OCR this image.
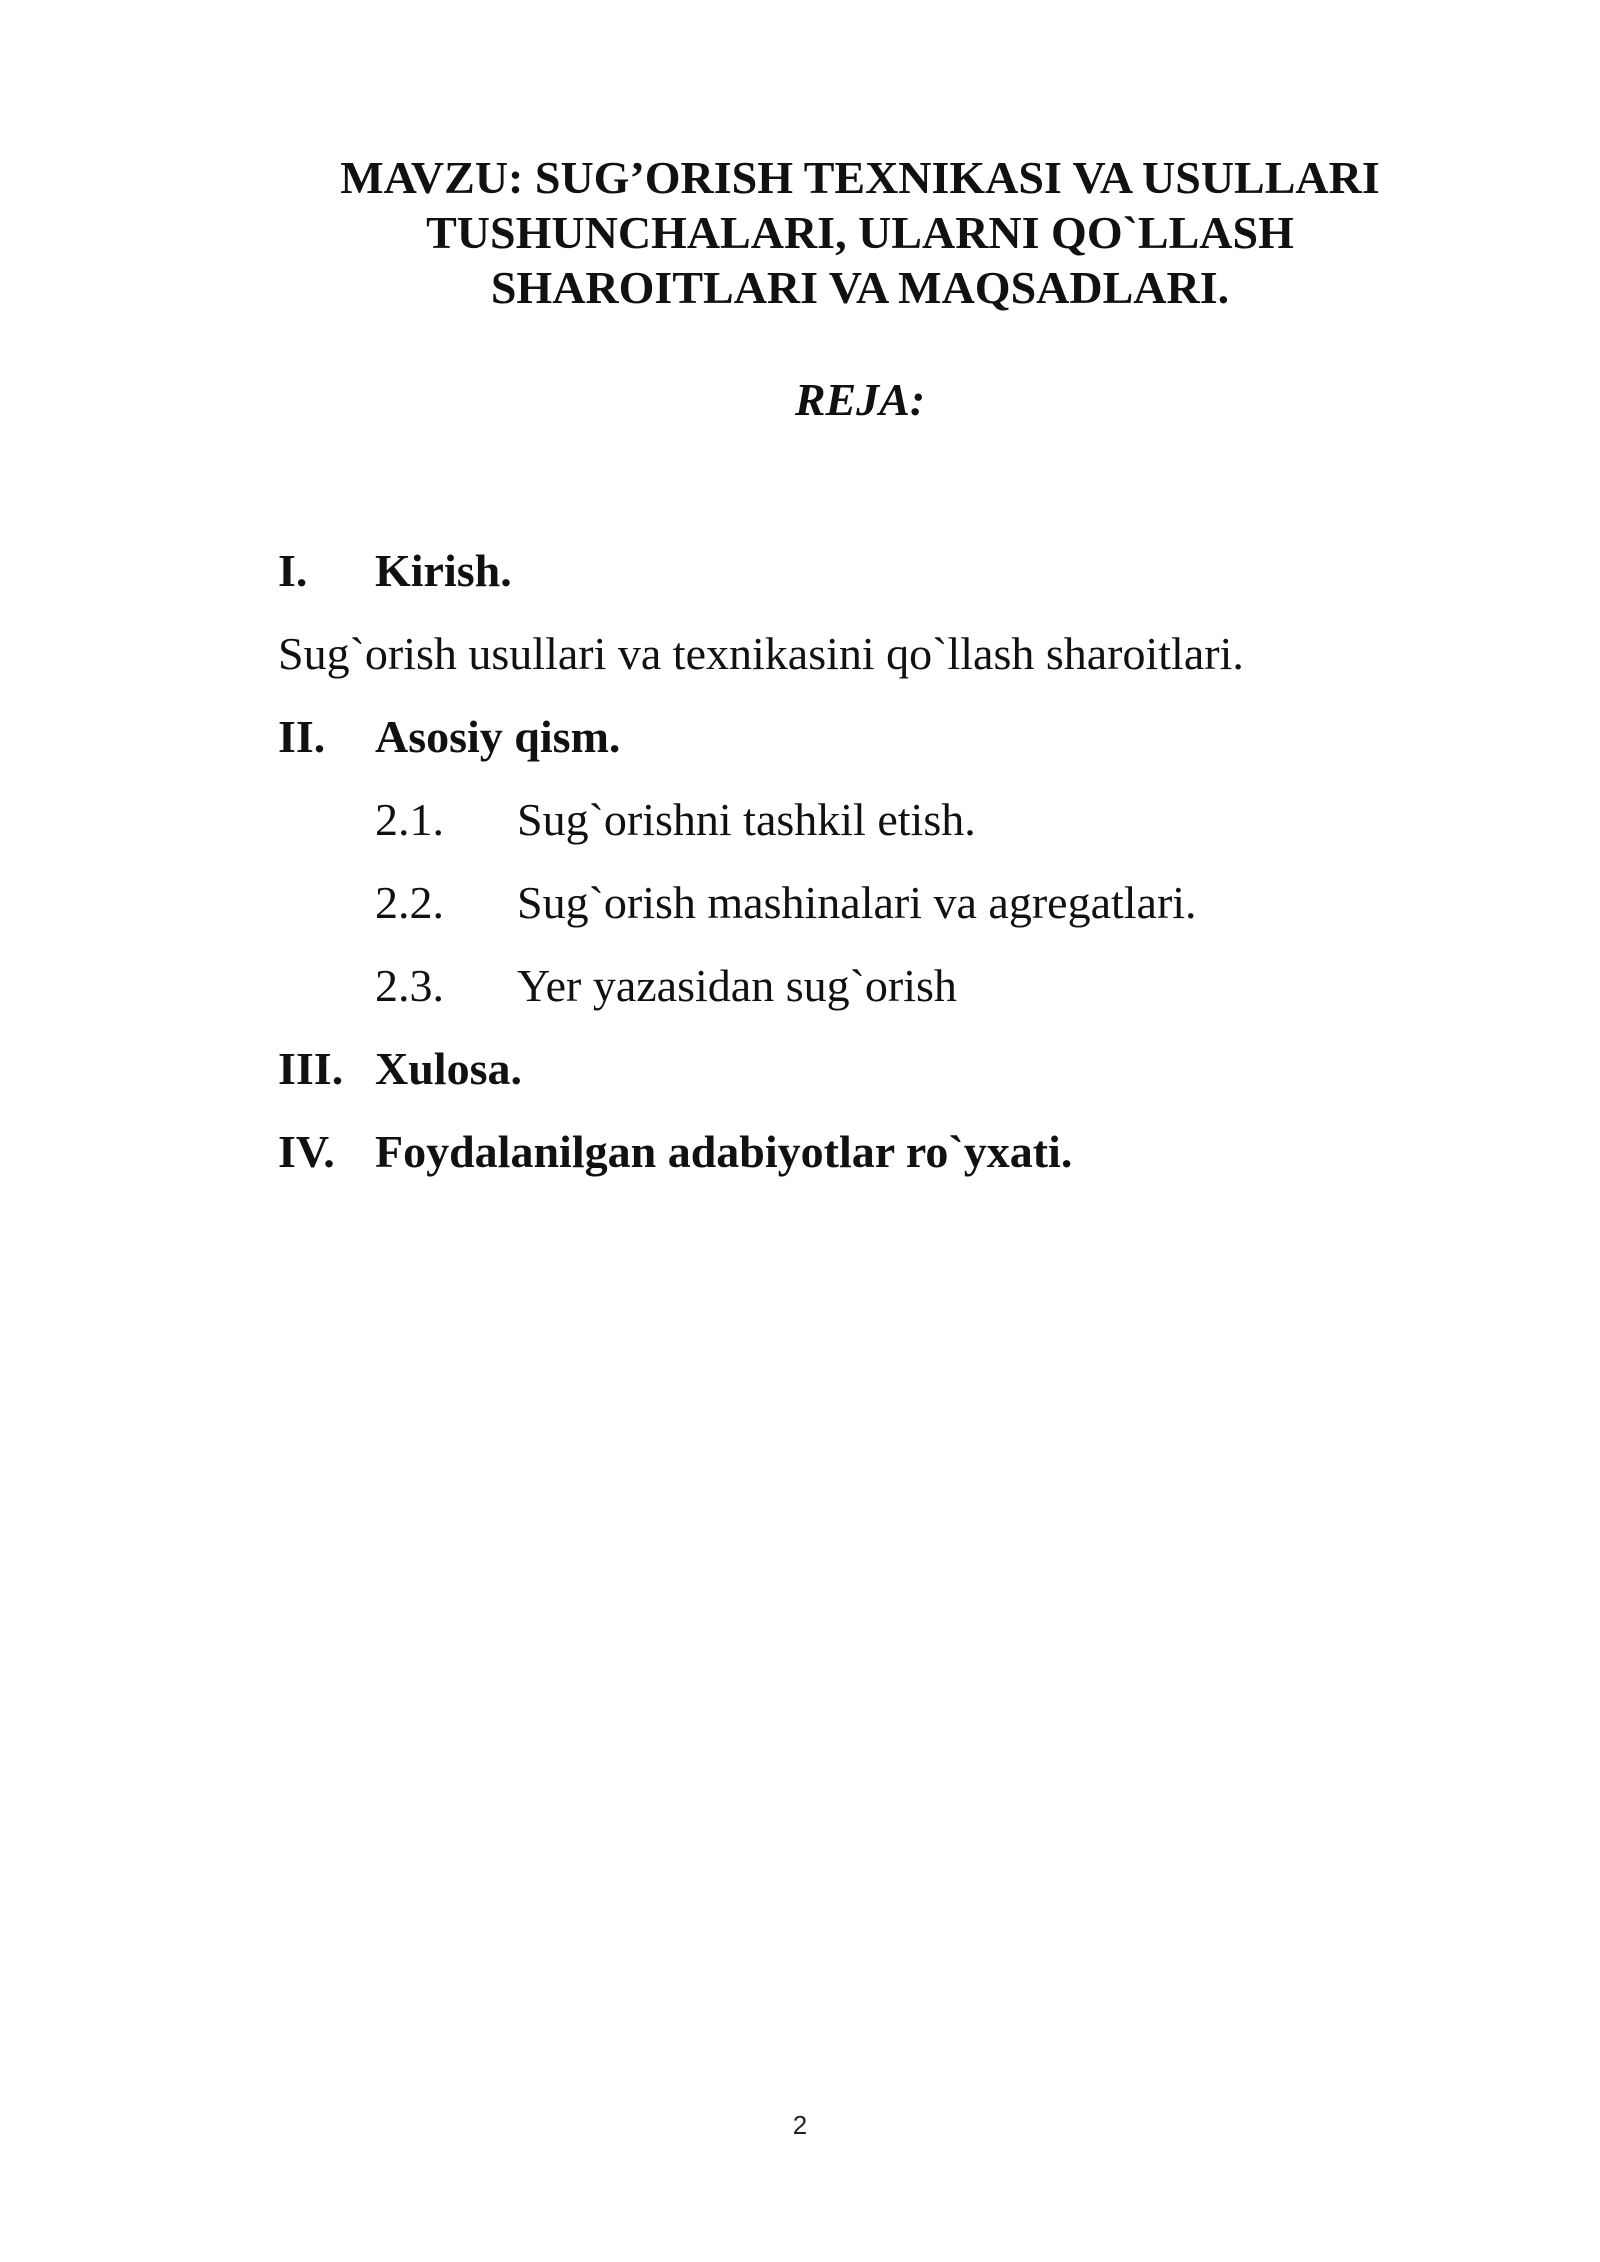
MAVZU: SUG’ORISH TEXNIKASI VA USULLARI
TUSHUNCHALARI, ULARNI QO`LLASH
SHAROITLARI VA MAQSADLARI.
REJA:
I. Kirish.
Sug`orish usullari va texnikasini qo`llash sharoitlari.
II. Asosiy qism.
2.1. Sug`orishni tashkil etish.
2.2. Sug`orish mashinalari va agregatlari.
2.3. Yer yazasidan sug`orish
III. Xulosa.
IV. Foydalanilgan adabiyotlar ro`yxati.
2
